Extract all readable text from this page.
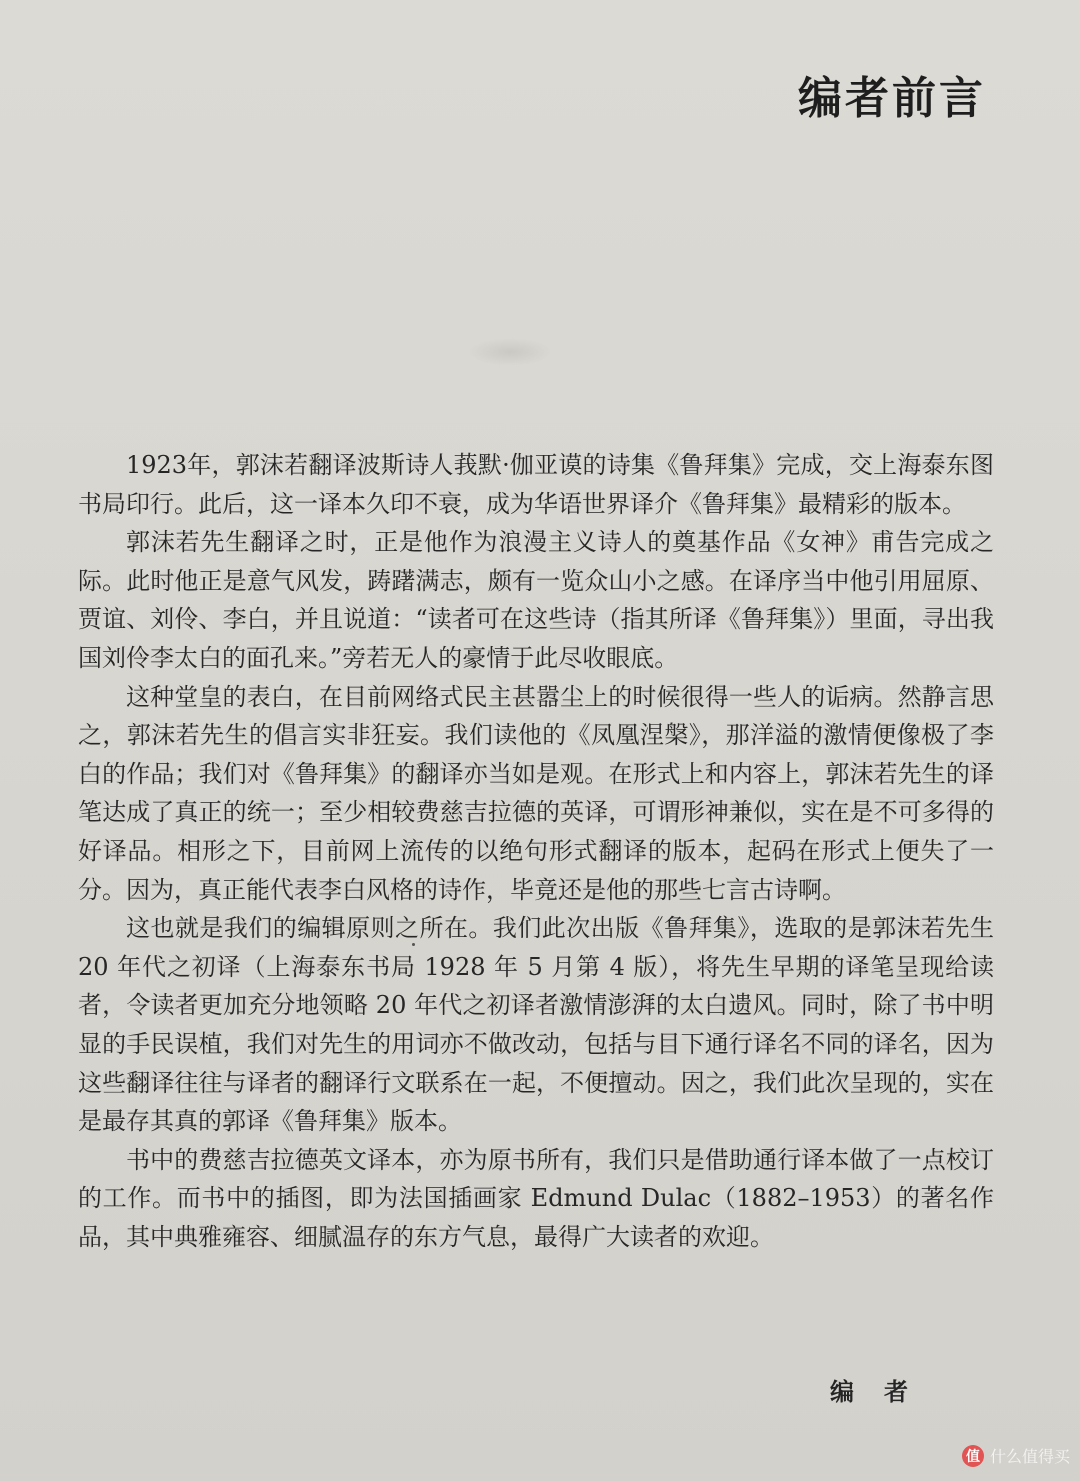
编者前言

1923年，郭沫若翻译波斯诗人莪默·伽亚谟的诗集《鲁拜集》完成，交上海泰东图书局印行。此后，这一译本久印不衰，成为华语世界译介《鲁拜集》最精彩的版本。

郭沫若先生翻译之时，正是他作为浪漫主义诗人的奠基作品《女神》甫告完成之际。此时他正是意气风发，踌躇满志，颇有一览众山小之感。在译序当中他引用屈原、贾谊、刘伶、李白，并且说道：“读者可在这些诗（指其所译《鲁拜集》）里面，寻出我国刘伶李太白的面孔来。”旁若无人的豪情于此尽收眼底。

这种堂皇的表白，在目前网络式民主甚嚣尘上的时候很得一些人的诟病。然静言思之，郭沫若先生的倡言实非狂妄。我们读他的《凤凰涅槃》，那洋溢的激情便像极了李白的作品；我们对《鲁拜集》的翻译亦当如是观。在形式上和内容上，郭沫若先生的译笔达成了真正的统一；至少相较费慈吉拉德的英译，可谓形神兼似，实在是不可多得的好译品。相形之下，目前网上流传的以绝句形式翻译的版本，起码在形式上便失了一分。因为，真正能代表李白风格的诗作，毕竟还是他的那些七言古诗啊。

这也就是我们的编辑原则之所在。我们此次出版《鲁拜集》，选取的是郭沫若先生 20 年代之初译（上海泰东书局 1928 年 5 月第 4 版），将先生早期的译笔呈现给读者，令读者更加充分地领略 20 年代之初译者激情澎湃的太白遗风。同时，除了书中明显的手民误植，我们对先生的用词亦不做改动，包括与目下通行译名不同的译名，因为这些翻译往往与译者的翻译行文联系在一起，不便擅动。因之，我们此次呈现的，实在是最存其真的郭译《鲁拜集》版本。

书中的费慈吉拉德英文译本，亦为原书所有，我们只是借助通行译本做了一点校订的工作。而书中的插图，即为法国插画家 Edmund Dulac（1882–1953）的著名作品，其中典雅雍容、细腻温存的东方气息，最得广大读者的欢迎。

编者
值 什么值得买
